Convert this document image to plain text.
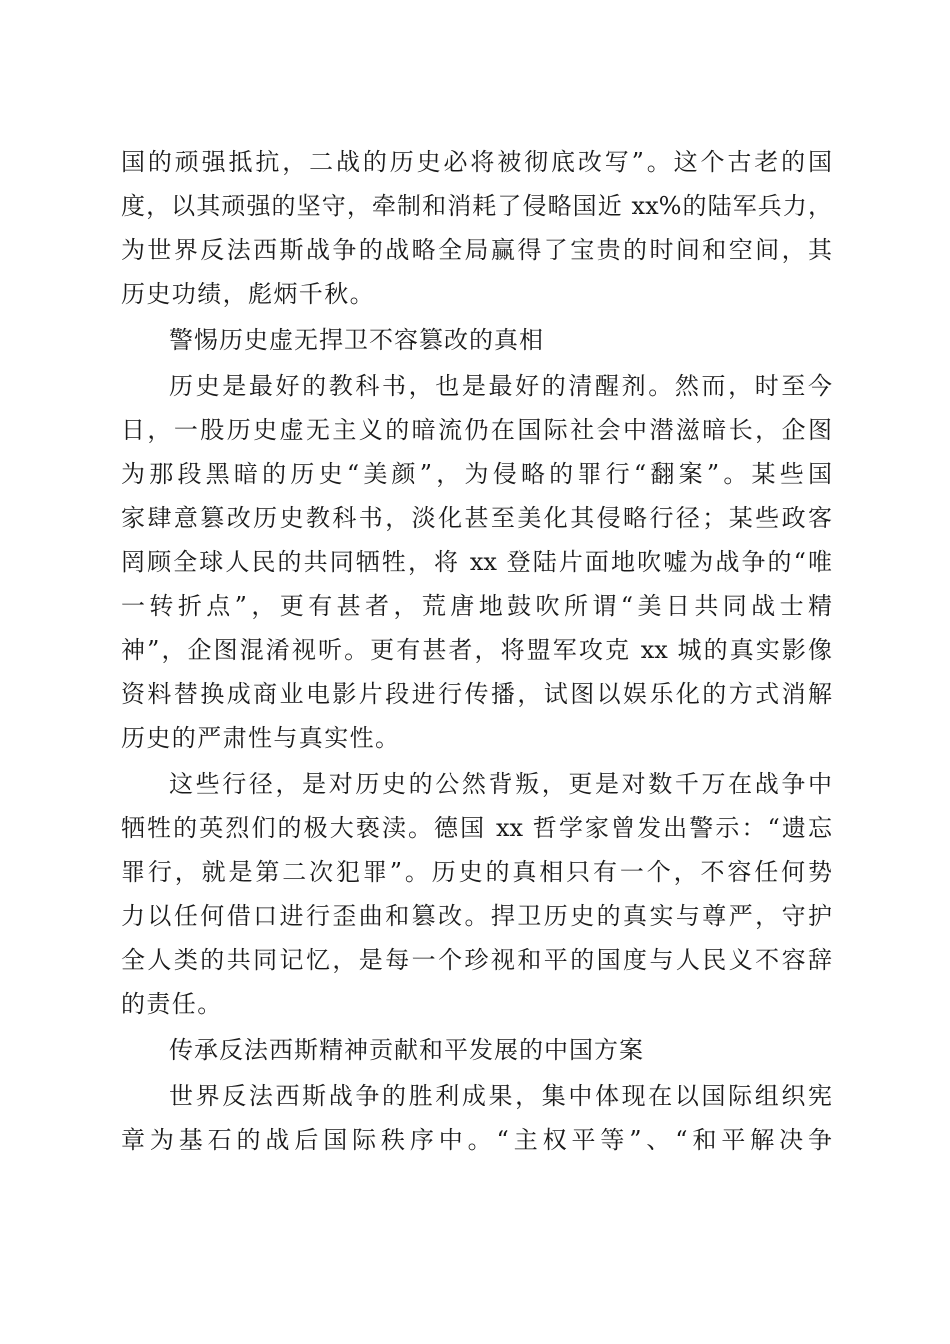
国的顽强抵抗，二战的历史必将被彻底改写”。这个古老的国
度，以其顽强的坚守，牵制和消耗了侵略国近 xx%的陆军兵力，
为世界反法西斯战争的战略全局赢得了宝贵的时间和空间，其
历史功绩，彪炳千秋。
警惕历史虚无捍卫不容篡改的真相
历史是最好的教科书，也是最好的清醒剂。然而，时至今
日，一股历史虚无主义的暗流仍在国际社会中潜滋暗长，企图
为那段黑暗的历史“美颜”，为侵略的罪行“翻案”。某些国
家肆意篡改历史教科书，淡化甚至美化其侵略行径；某些政客
罔顾全球人民的共同牺牲，将 xx 登陆片面地吹嘘为战争的“唯
一转折点”，更有甚者，荒唐地鼓吹所谓“美日共同战士精
神”，企图混淆视听。更有甚者，将盟军攻克 xx 城的真实影像
资料替换成商业电影片段进行传播，试图以娱乐化的方式消解
历史的严肃性与真实性。
这些行径，是对历史的公然背叛，更是对数千万在战争中
牺牲的英烈们的极大亵渎。德国 xx 哲学家曾发出警示：“遗忘
罪行，就是第二次犯罪”。历史的真相只有一个，不容任何势
力以任何借口进行歪曲和篡改。捍卫历史的真实与尊严，守护
全人类的共同记忆，是每一个珍视和平的国度与人民义不容辞
的责任。
传承反法西斯精神贡献和平发展的中国方案
世界反法西斯战争的胜利成果，集中体现在以国际组织宪
章为基石的战后国际秩序中。“主权平等”、“和平解决争
